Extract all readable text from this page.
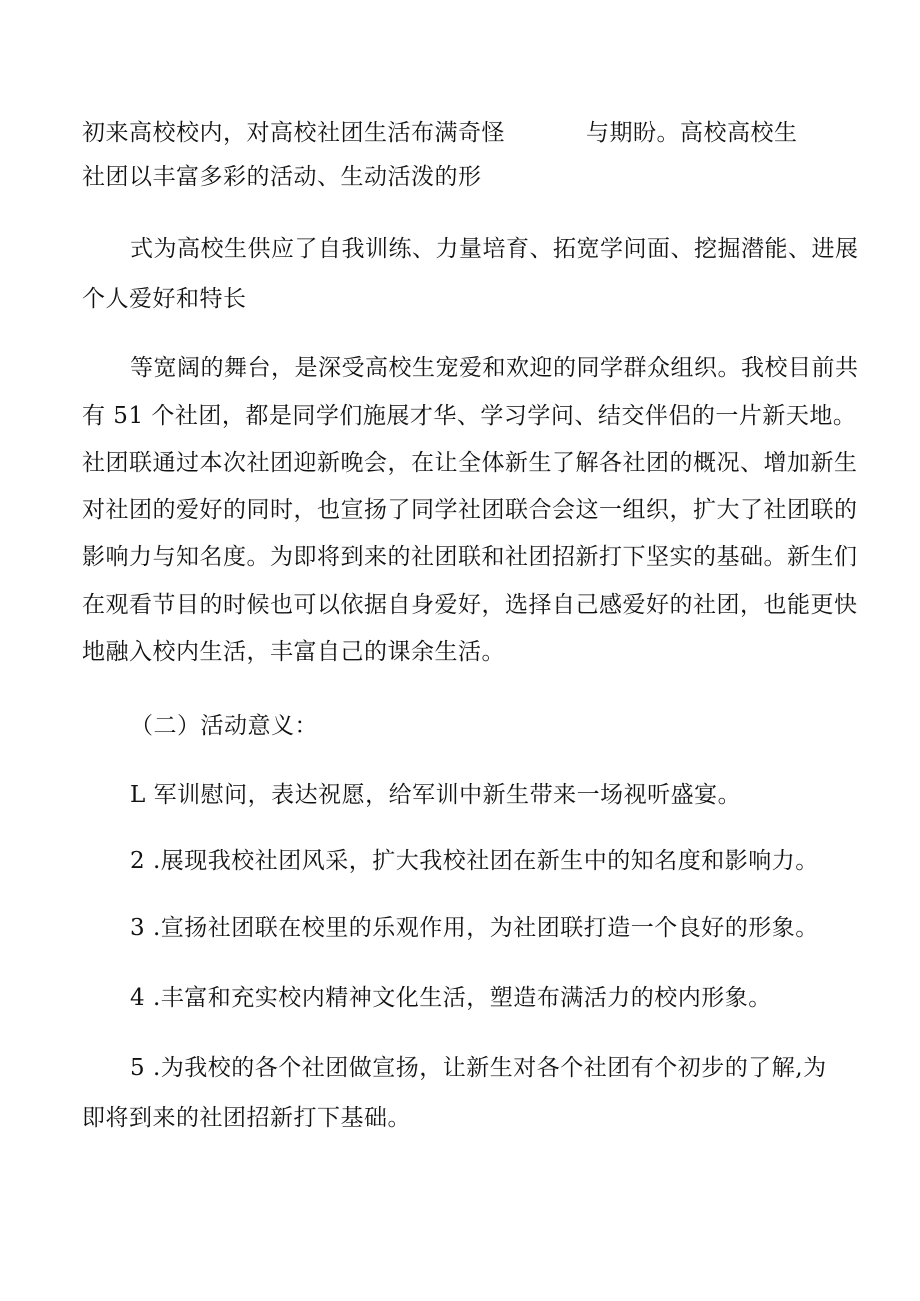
初来高校校内，对高校社团生活布满奇怪	与期盼。高校高校生
社团以丰富多彩的活动、生动活泼的形
式为高校生供应了自我训练、力量培育、拓宽学问面、挖掘潜能、进展
个人爱好和特长
等宽阔的舞台，是深受高校生宠爱和欢迎的同学群众组织。我校目前共
有 51 个社团，都是同学们施展才华、学习学问、结交伴侣的一片新天地。
社团联通过本次社团迎新晚会，在让全体新生了解各社团的概况、增加新生
对社团的爱好的同时，也宣扬了同学社团联合会这一组织，扩大了社团联的
影响力与知名度。为即将到来的社团联和社团招新打下坚实的基础。新生们
在观看节目的时候也可以依据自身爱好，选择自己感爱好的社团，也能更快
地融入校内生活，丰富自己的课余生活。
（二）活动意义：
L 军训慰问，表达祝愿，给军训中新生带来一场视听盛宴。
2 .展现我校社团风采，扩大我校社团在新生中的知名度和影响力。
3 .宣扬社团联在校里的乐观作用，为社团联打造一个良好的形象。
4 .丰富和充实校内精神文化生活，塑造布满活力的校内形象。
5 .为我校的各个社团做宣扬，让新生对各个社团有个初步的了解,为
即将到来的社团招新打下基础。
